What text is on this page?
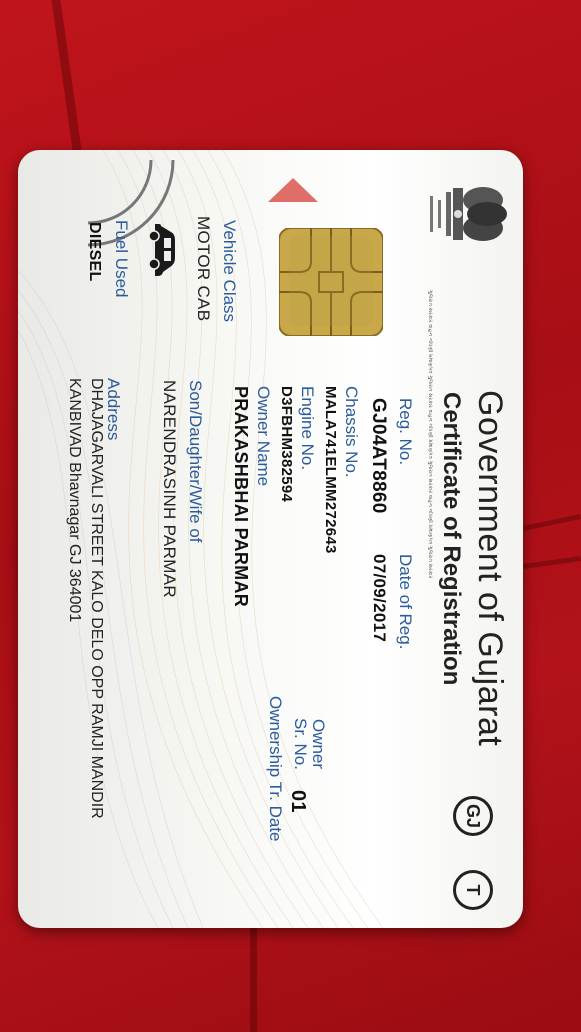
ગુજરાત સરકાર વાહન નોંધણી પ્રમાણપત્ર ગુજરાત સરકાર વાહન નોંધણી પ્રમાણપત્ર ગુજરાત સરકાર વાહન નોંધણી પ્રમાણપત્ર ગુજરાત સરકાર Government of Gujarat
Certificate of Registration
GJ
T
Reg. No.
Date of Reg.
GJ04AT8860
07/09/2017
Chassis No.
MALA741ELMM272643
Engine No.
D3FBHM382594
Owner Name
PRAKASHBHAI PARMAR
Owner
Sr. No.
01
Ownership Tr. Date
Vehicle Class
MOTOR CAB
Son/Daughter/Wife of
NARENDRASINH PARMAR
Fuel Used
DIESEL
Address
DHAJAGARVALI STREET KALO DELO OPP RAMJI MANDIR
KANBIVAD Bhavnagar GJ 364001
